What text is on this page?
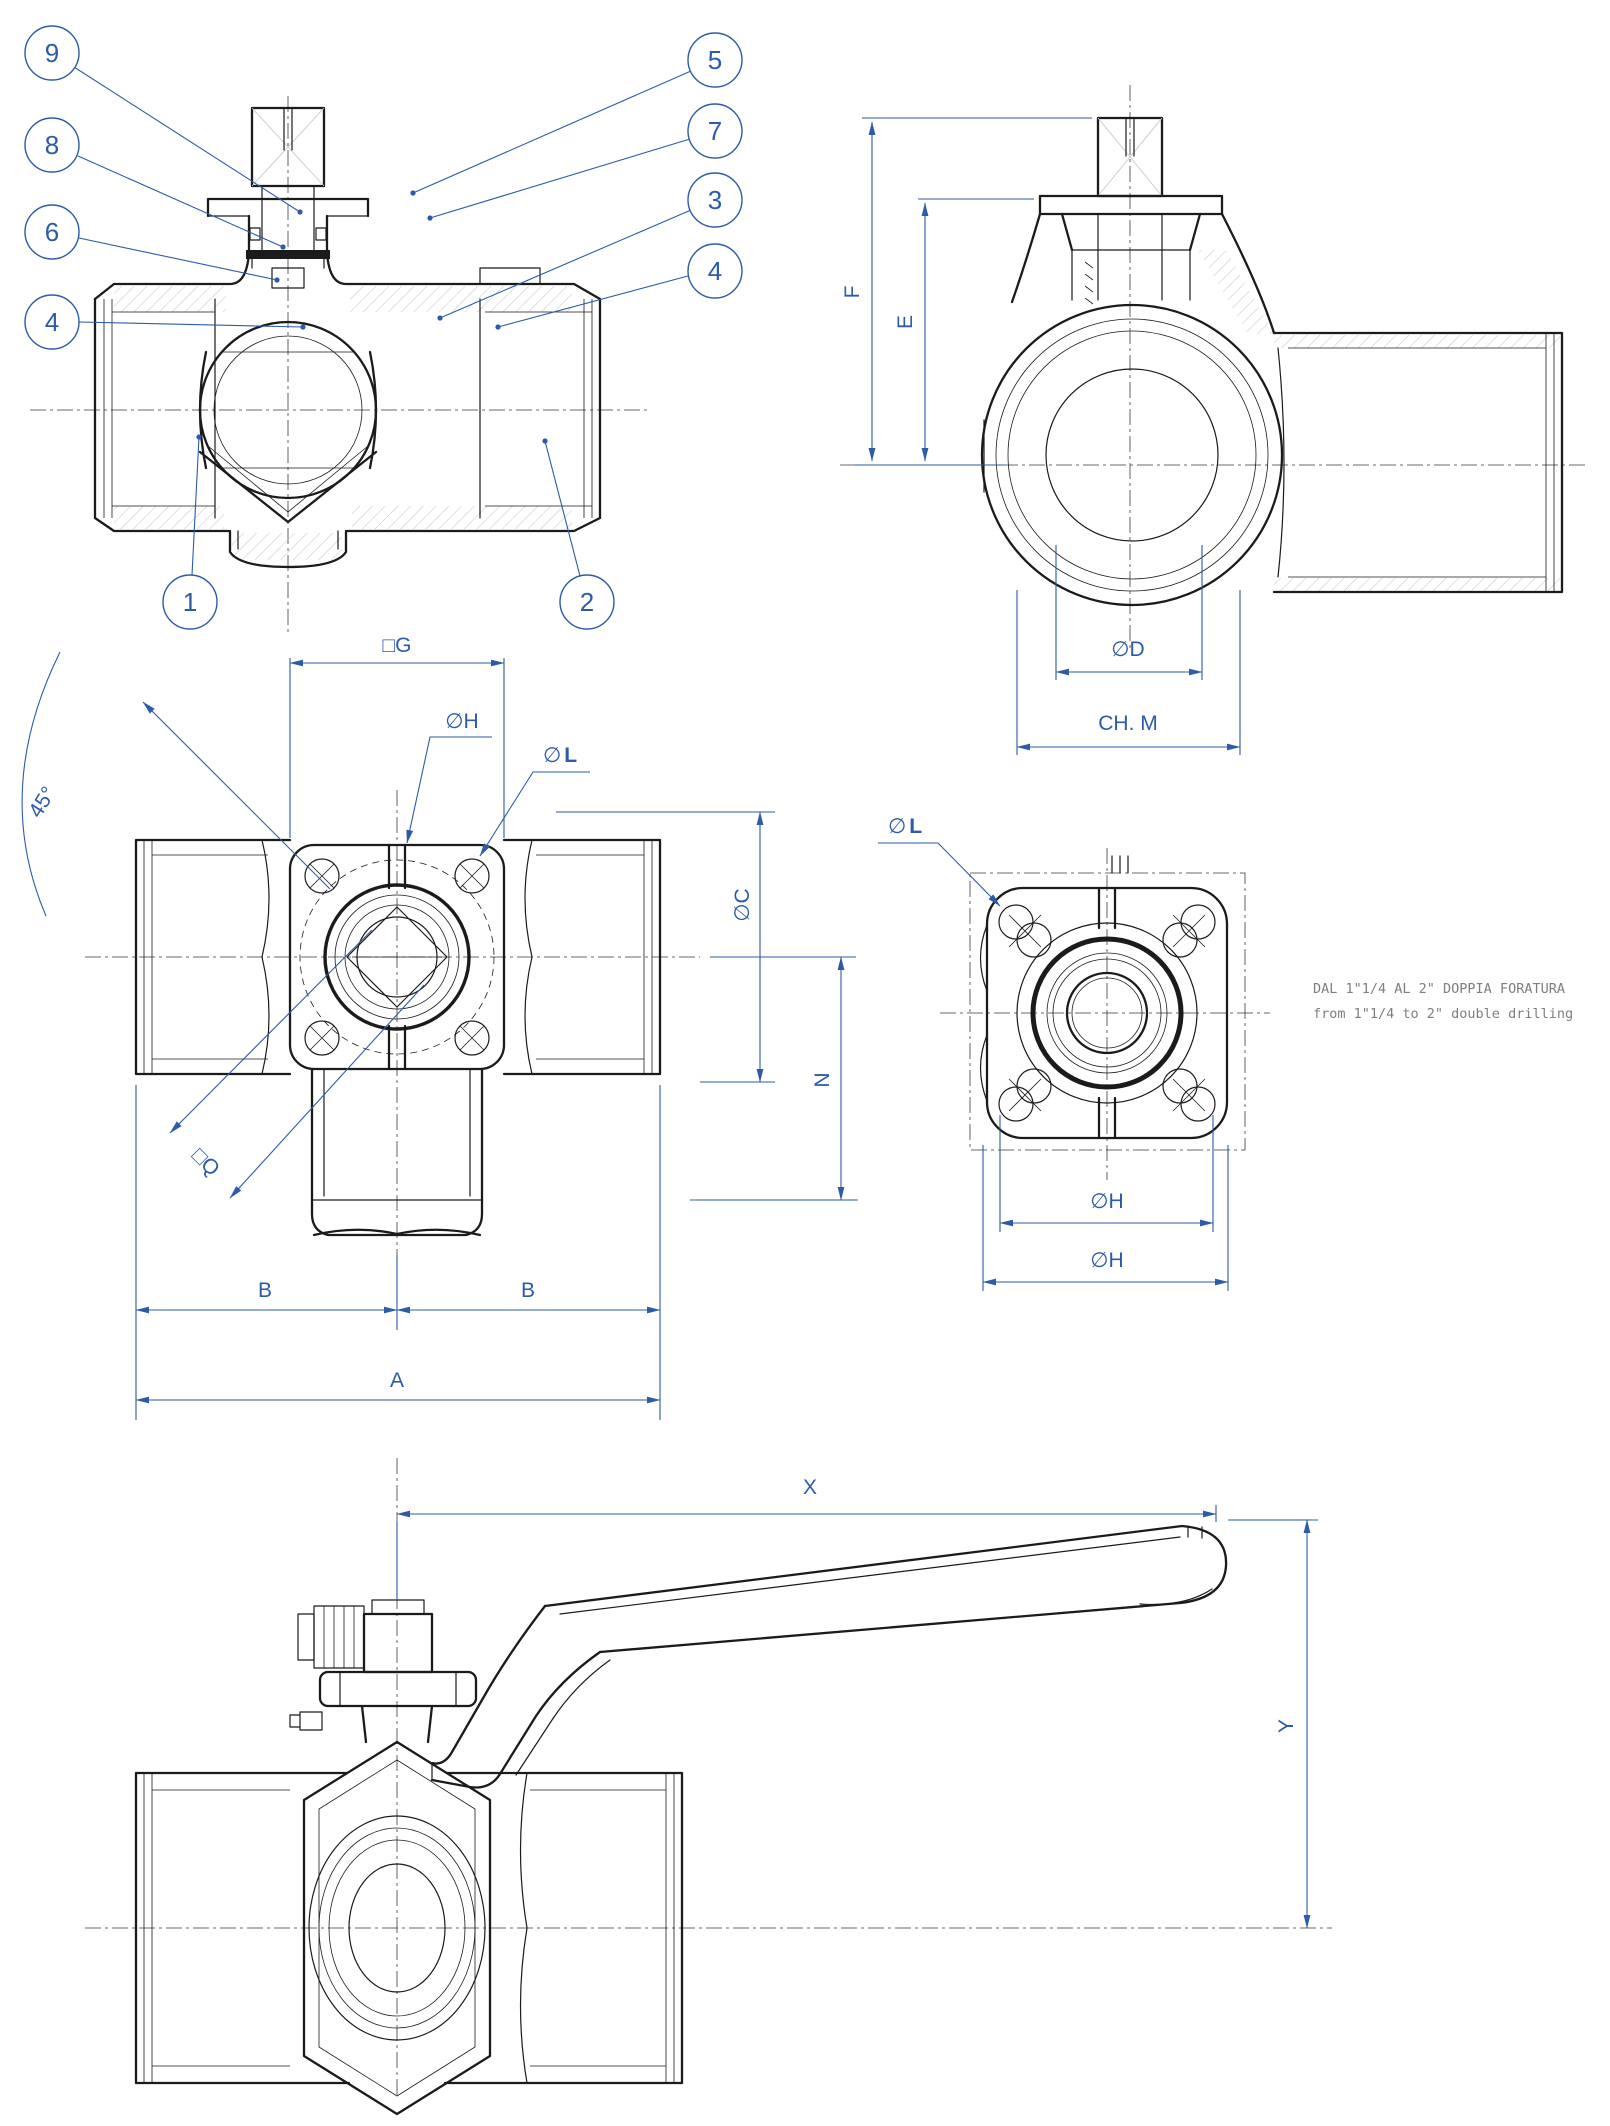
F
E
∅D
CH. M
□G
∅H
∅ L
45°
∅C
N
□Q
B	B
A
∅ L
∅H
∅H
DAL 1"1/4 AL 2" DOPPIA FORATURA
from 1"1/4 to 2" double drilling
X
Y
9
8
6
4
5
7
3
4
1	2
